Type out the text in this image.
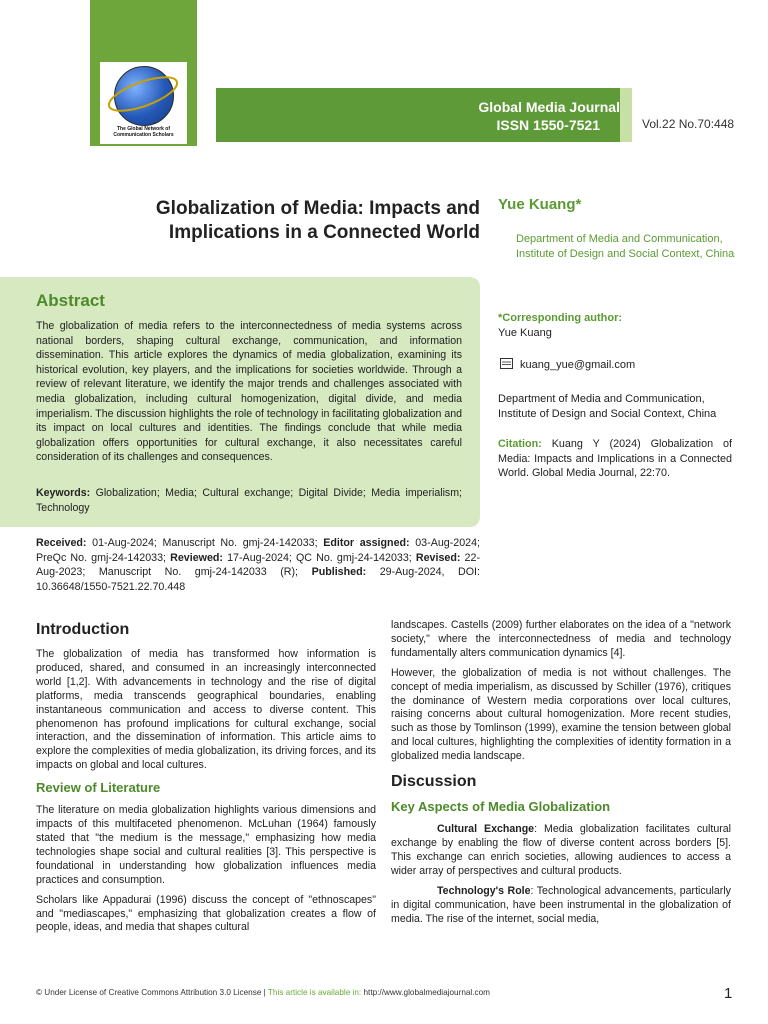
The Global Network of Communication Scholars
Global Media Journal
ISSN 1550-7521	Vol.22 No.70:448
Globalization of Media: Impacts and
Implications in a Connected World
Yue Kuang*
Department of Media and Communication, Institute of Design and Social Context, China
Abstract
The globalization of media refers to the interconnectedness of media systems across national borders, shaping cultural exchange, communication, and information dissemination. This article explores the dynamics of media globalization, examining its historical evolution, key players, and the implications for societies worldwide. Through a review of relevant literature, we identify the major trends and challenges associated with media globalization, including cultural homogenization, digital divide, and media imperialism. The discussion highlights the role of technology in facilitating globalization and its impact on local cultures and identities. The findings conclude that while media globalization offers opportunities for cultural exchange, it also necessitates careful consideration of its challenges and consequences.
Keywords: Globalization; Media; Cultural exchange; Digital Divide; Media imperialism; Technology
*Corresponding author:
Yue Kuang
kuang_yue@gmail.com
Department of Media and Communication, Institute of Design and Social Context, China
Citation: Kuang Y (2024) Globalization of Media: Impacts and Implications in a Connected World. Global Media Journal, 22:70.
Received: 01-Aug-2024; Manuscript No. gmj-24-142033; Editor assigned: 03-Aug-2024; PreQc No. gmj-24-142033; Reviewed: 17-Aug-2024; QC No. gmj-24-142033; Revised: 22-Aug-2023; Manuscript No. gmj-24-142033 (R); Published: 29-Aug-2024, DOI: 10.36648/1550-7521.22.70.448
Introduction

The globalization of media has transformed how information is produced, shared, and consumed in an increasingly interconnected world [1,2]. With advancements in technology and the rise of digital platforms, media transcends geographical boundaries, enabling instantaneous communication and access to diverse content. This phenomenon has profound implications for cultural exchange, social interaction, and the dissemination of information. This article aims to explore the complexities of media globalization, its driving forces, and its impacts on global and local cultures.

Review of Literature

The literature on media globalization highlights various dimensions and impacts of this multifaceted phenomenon. McLuhan (1964) famously stated that "the medium is the message," emphasizing how media technologies shape social and cultural realities [3]. This perspective is foundational in understanding how globalization influences media practices and consumption.

Scholars like Appadurai (1996) discuss the concept of "ethnoscapes" and "mediascapes," emphasizing that globalization creates a flow of people, ideas, and media that shapes cultural

landscapes. Castells (2009) further elaborates on the idea of a "network society," where the interconnectedness of media and technology fundamentally alters communication dynamics [4].

However, the globalization of media is not without challenges. The concept of media imperialism, as discussed by Schiller (1976), critiques the dominance of Western media corporations over local cultures, raising concerns about cultural homogenization. More recent studies, such as those by Tomlinson (1999), examine the tension between global and local cultures, highlighting the complexities of identity formation in a globalized media landscape.

Discussion
Key Aspects of Media Globalization

Cultural Exchange: Media globalization facilitates cultural exchange by enabling the flow of diverse content across borders [5]. This exchange can enrich societies, allowing audiences to access a wider array of perspectives and cultural products.

Technology's Role: Technological advancements, particularly in digital communication, have been instrumental in the globalization of media. The rise of the internet, social media,

© Under License of Creative Commons Attribution 3.0 License | This article is available in: http://www.globalmediajournal.com	1
